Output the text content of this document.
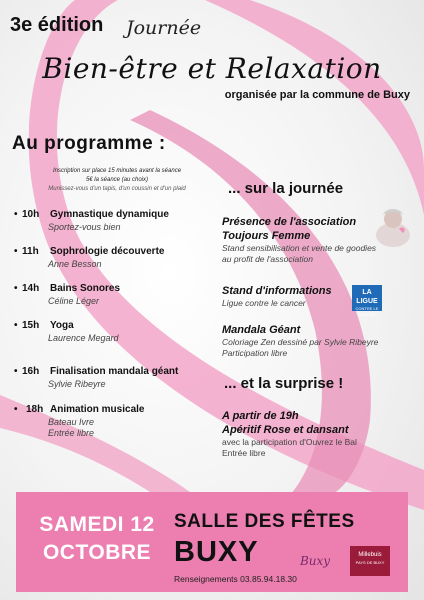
3e édition Journée
Bien-être et Relaxation
organisée par la commune de Buxy
Au programme :
Inscription sur place 15 minutes avant la séance
5€ la séance (au choix)
Munissez-vous d'un tapis, d'un coussin et d'un plaid
• 10h Gymnastique dynamique
Sportez-vous bien
• 11h Sophrologie découverte
Anne Besson
• 14h Bains Sonores
Céline Léger
• 15h Yoga
Laurence Megard
• 16h Finalisation mandala géant
Sylvie Ribeyre
• 18h Animation musicale
Bateau Ivre
Entrée libre
... sur la journée
Présence de l'association
Toujours Femme
Stand sensibilisation et vente de goodies
au profit de l'association
Stand d'informations
Ligue contre le cancer
LA LIGUE
CONTRE LE CANCER
Mandala Géant
Coloriage Zen dessiné par Sylvie Ribeyre
Participation libre
... et la surprise !
A partir de 19h
Apéritif Rose et dansant
avec la participation d'Ouvrez le Bal
Entrée libre
SAMEDI 12
OCTOBRE
SALLE DES FÊTES
BUXY
Renseignements 03.85.94.18.30
Buxy	Millebuis
PAYS DE BUXY
